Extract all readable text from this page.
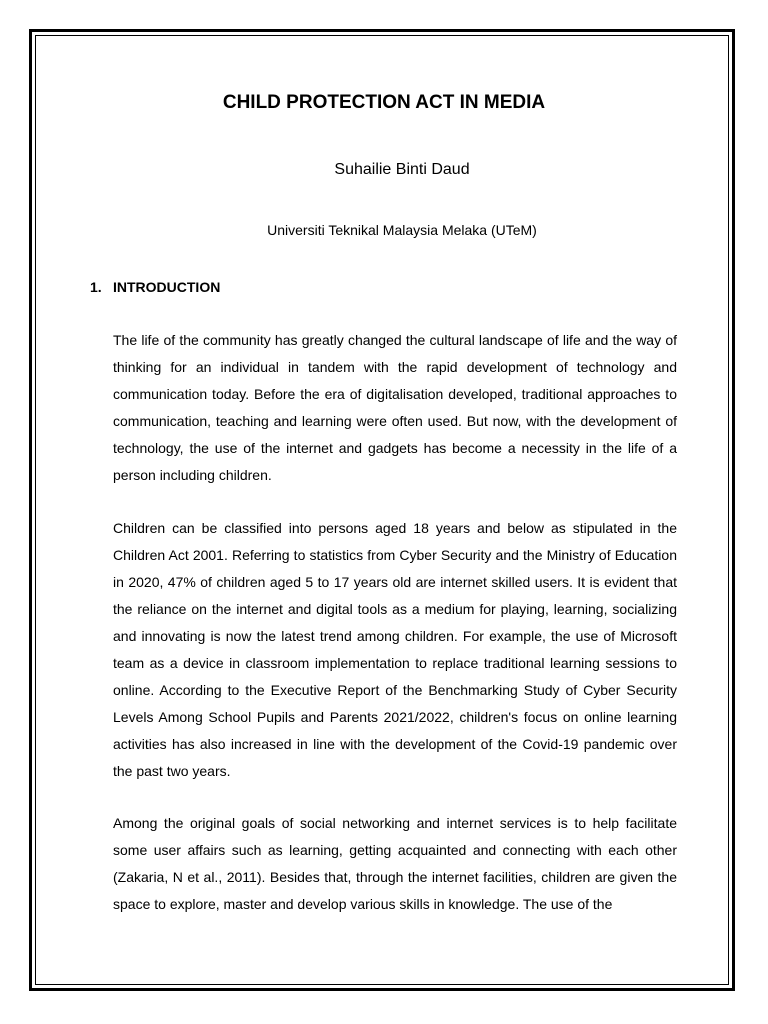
CHILD PROTECTION ACT IN MEDIA

Suhailie Binti Daud

Universiti Teknikal Malaysia Melaka (UTeM)

1. INTRODUCTION

The life of the community has greatly changed the cultural landscape of life and the way of thinking for an individual in tandem with the rapid development of technology and communication today. Before the era of digitalisation developed, traditional approaches to communication, teaching and learning were often used. But now, with the development of technology, the use of the internet and gadgets has become a necessity in the life of a person including children.

Children can be classified into persons aged 18 years and below as stipulated in the Children Act 2001. Referring to statistics from Cyber Security and the Ministry of Education in 2020, 47% of children aged 5 to 17 years old are internet skilled users. It is evident that the reliance on the internet and digital tools as a medium for playing, learning, socializing and innovating is now the latest trend among children. For example, the use of Microsoft team as a device in classroom implementation to replace traditional learning sessions to online. According to the Executive Report of the Benchmarking Study of Cyber Security Levels Among School Pupils and Parents 2021/2022, children's focus on online learning activities has also increased in line with the development of the Covid-19 pandemic over the past two years.

Among the original goals of social networking and internet services is to help facilitate some user affairs such as learning, getting acquainted and connecting with each other (Zakaria, N et al., 2011). Besides that, through the internet facilities, children are given the space to explore, master and develop various skills in knowledge. The use of the
